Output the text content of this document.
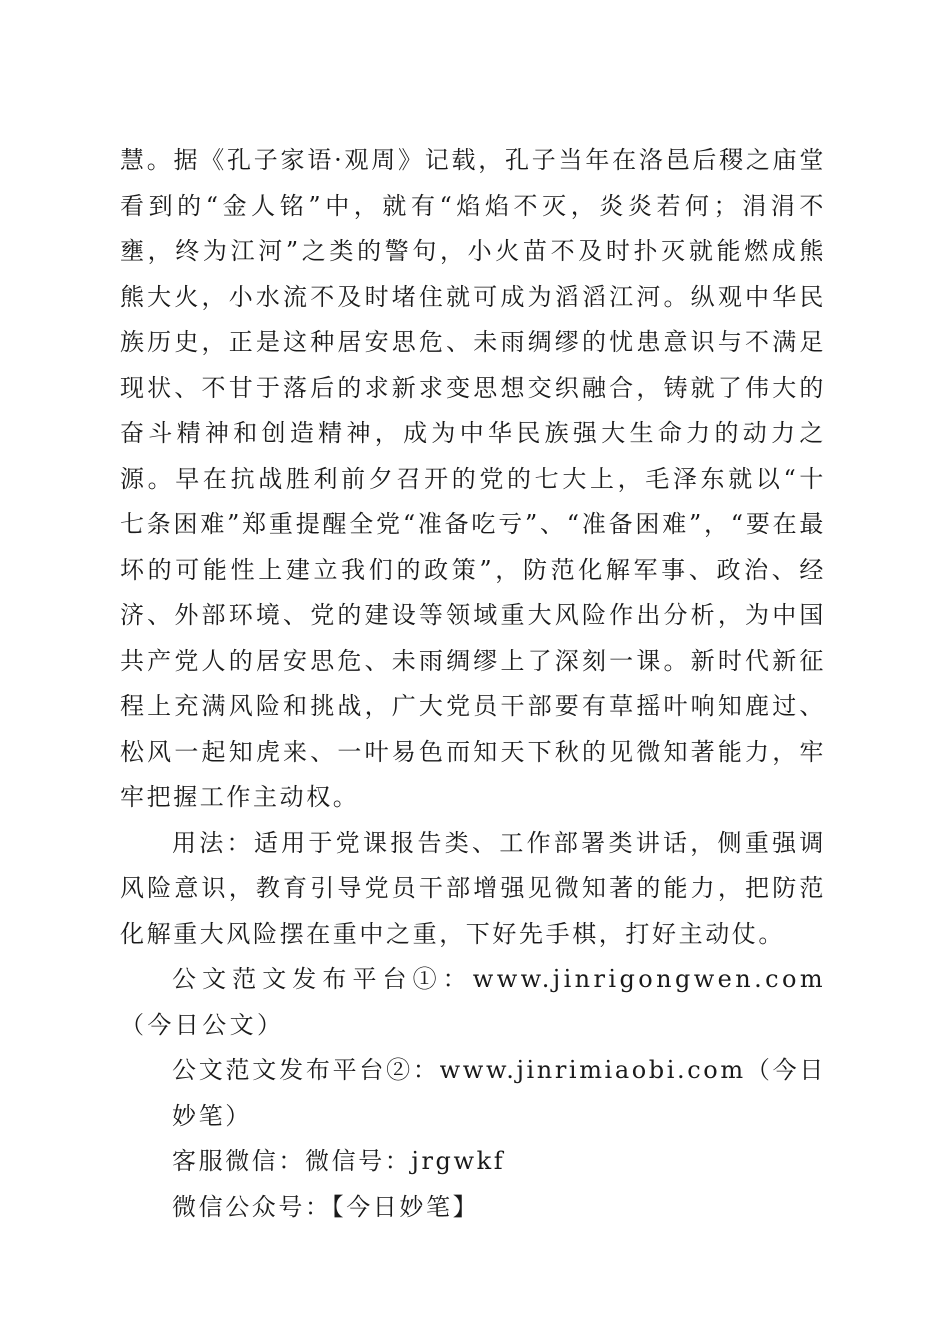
慧。据《孔子家语·观周》记载，孔子当年在洛邑后稷之庙堂看到的“金人铭”中，就有“焰焰不灭，炎炎若何；涓涓不壅，终为江河”之类的警句，小火苗不及时扑灭就能燃成熊熊大火，小水流不及时堵住就可成为滔滔江河。纵观中华民族历史，正是这种居安思危、未雨绸缪的忧患意识与不满足现状、不甘于落后的求新求变思想交织融合，铸就了伟大的奋斗精神和创造精神，成为中华民族强大生命力的动力之源。早在抗战胜利前夕召开的党的七大上，毛泽东就以“十七条困难”郑重提醒全党“准备吃亏”、“准备困难”，“要在最坏的可能性上建立我们的政策”，防范化解军事、政治、经济、外部环境、党的建设等领域重大风险作出分析，为中国共产党人的居安思危、未雨绸缪上了深刻一课。新时代新征程上充满风险和挑战，广大党员干部要有草摇叶响知鹿过、松风一起知虎来、一叶易色而知天下秋的见微知著能力，牢牢把握工作主动权。

用法：适用于党课报告类、工作部署类讲话，侧重强调风险意识，教育引导党员干部增强见微知著的能力，把防范化解重大风险摆在重中之重，下好先手棋，打好主动仗。

公文范文发布平台①：www.jinrigongwen.com（今日公文）

公文范文发布平台②：www.jinrimiaobi.com（今日妙笔）

客服微信：微信号：jrgwkf

微信公众号：【今日妙笔】
